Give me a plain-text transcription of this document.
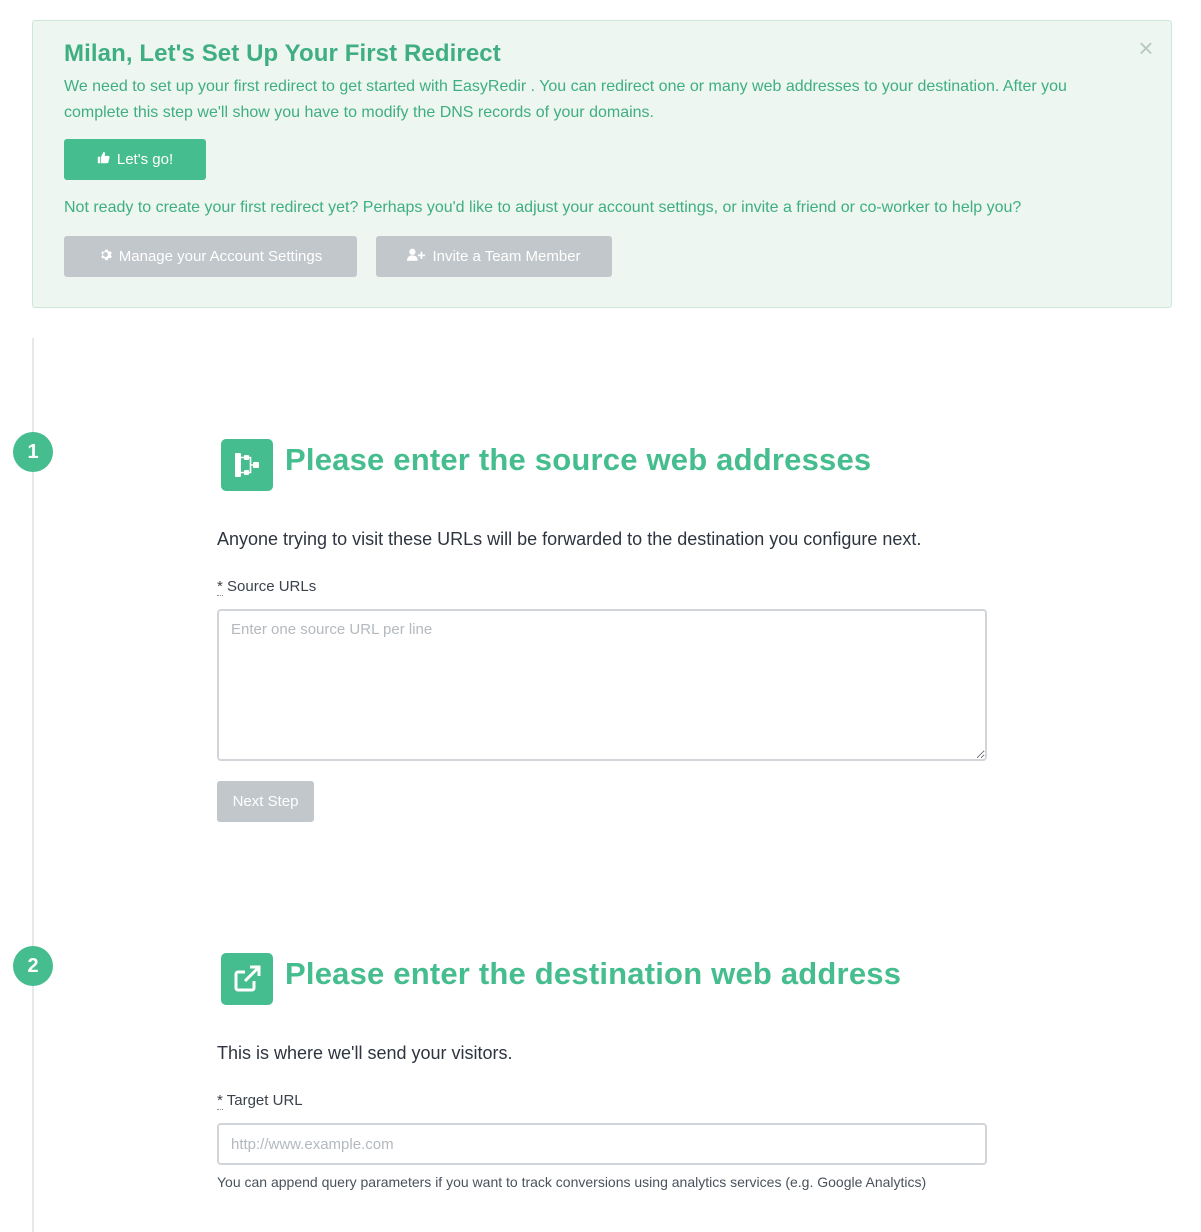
Milan, Let's Set Up Your First Redirect	×
We need to set up your first redirect to get started with EasyRedir . You can redirect one or many web addresses to your destination. After you complete this step we'll show you have to modify the DNS records of your domains.
Let's go!
Not ready to create your first redirect yet? Perhaps you'd like to adjust your account settings, or invite a friend or co-worker to help you?
Manage your Account Settings	Invite a Team Member
1	Please enter the source web addresses
Anyone trying to visit these URLs will be forwarded to the destination you configure next.
* Source URLs
Enter one source URL per line
Next Step
2	Please enter the destination web address
This is where we'll send your visitors.
* Target URL
http://www.example.com
You can append query parameters if you want to track conversions using analytics services (e.g. Google Analytics)
